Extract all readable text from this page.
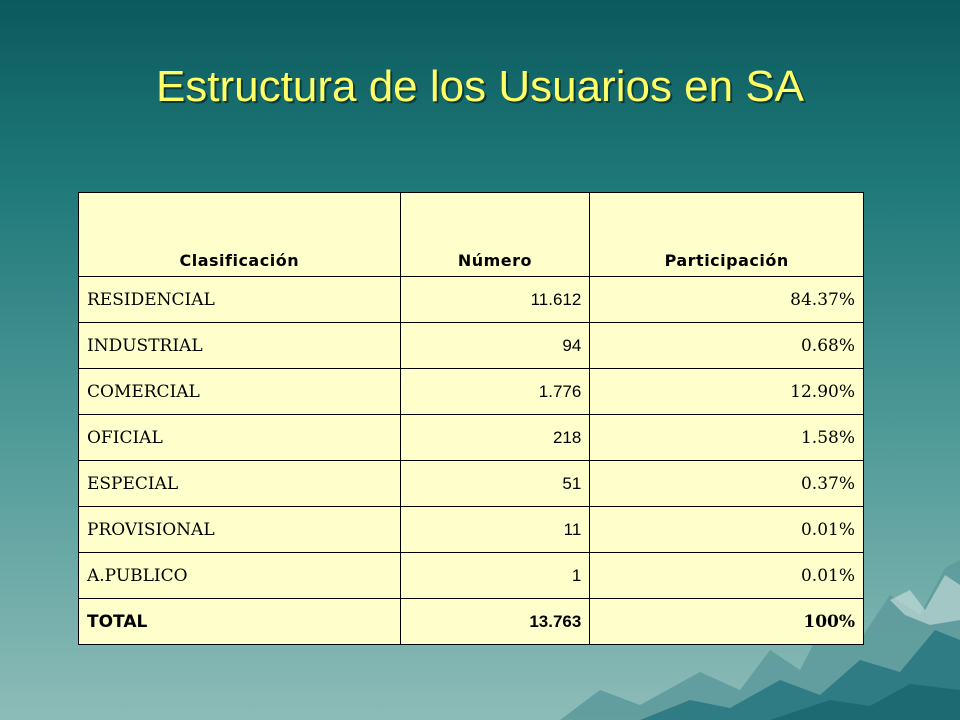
Estructura de los Usuarios en SA
Clasificación	Número	Participación
RESIDENCIAL	11.612	84.37%
INDUSTRIAL	94	0.68%
COMERCIAL	1.776	12.90%
OFICIAL	218	1.58%
ESPECIAL	51	0.37%
PROVISIONAL	11	0.01%
A.PUBLICO	1	0.01%
TOTAL	13.763	100%
